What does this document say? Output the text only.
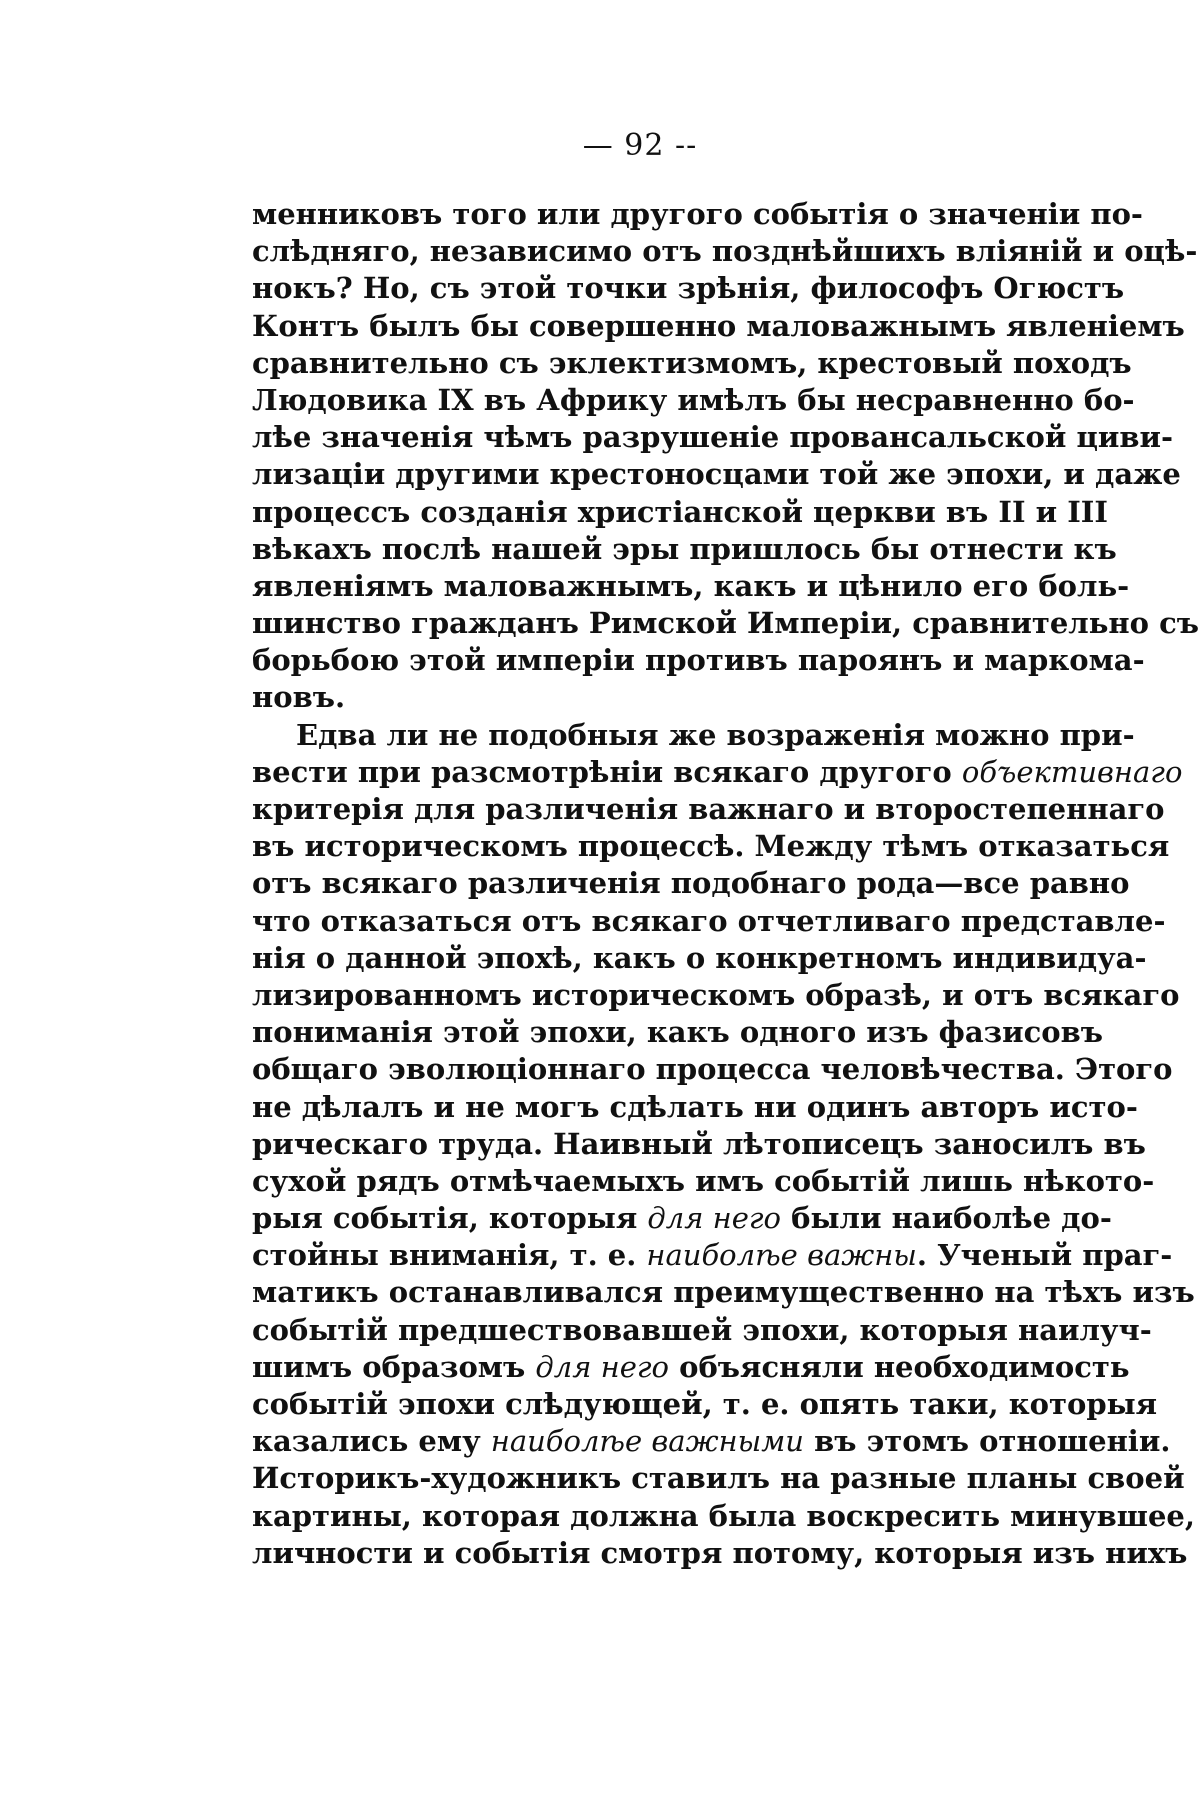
— 92 --
менниковъ того или другого событія о значеніи по-
слѣдняго, независимо отъ позднѣйшихъ вліяній и оцѣ-
нокъ? Но, съ этой точки зрѣнія, философъ Огюстъ
Контъ былъ бы совершенно маловажнымъ явленіемъ
сравнительно съ эклектизмомъ, крестовый походъ
Людовика IX въ Африку имѣлъ бы несравненно бо-
лѣе значенія чѣмъ разрушеніе провансальской циви-
лизаціи другими крестоносцами той же эпохи, и даже
процессъ созданія христіанской церкви въ II и III
вѣкахъ послѣ нашей эры пришлось бы отнести къ
явленіямъ маловажнымъ, какъ и цѣнило его боль-
шинство гражданъ Римской Имперіи, сравнительно съ
борьбою этой имперіи противъ пароянъ и маркома-
новъ.
Едва ли не подобныя же возраженія можно при-
вести при разсмотрѣніи всякаго другого объективнаго
критерія для различенія важнаго и второстепеннаго
въ историческомъ процессѣ. Между тѣмъ отказаться
отъ всякаго различенія подобнаго рода—все равно
что отказаться отъ всякаго отчетливаго представле-
нія о данной эпохѣ, какъ о конкретномъ индивидуа-
лизированномъ историческомъ образѣ, и отъ всякаго
пониманія этой эпохи, какъ одного изъ фазисовъ
общаго эволюціоннаго процесса человѣчества. Этого
не дѣлалъ и не могъ сдѣлать ни одинъ авторъ исто-
рическаго труда. Наивный лѣтописецъ заносилъ въ
сухой рядъ отмѣчаемыхъ имъ событій лишь нѣкото-
рыя событія, которыя для него были наиболѣе до-
стойны вниманія, т. е. наиболѣе важны. Ученый праг-
матикъ останавливался преимущественно на тѣхъ изъ
событій предшествовавшей эпохи, которыя наилуч-
шимъ образомъ для него объясняли необходимость
событій эпохи слѣдующей, т. е. опять таки, которыя
казались ему наиболѣе важными въ этомъ отношеніи.
Историкъ-художникъ ставилъ на разные планы своей
картины, которая должна была воскресить минувшее,
личности и событія смотря потому, которыя изъ нихъ
